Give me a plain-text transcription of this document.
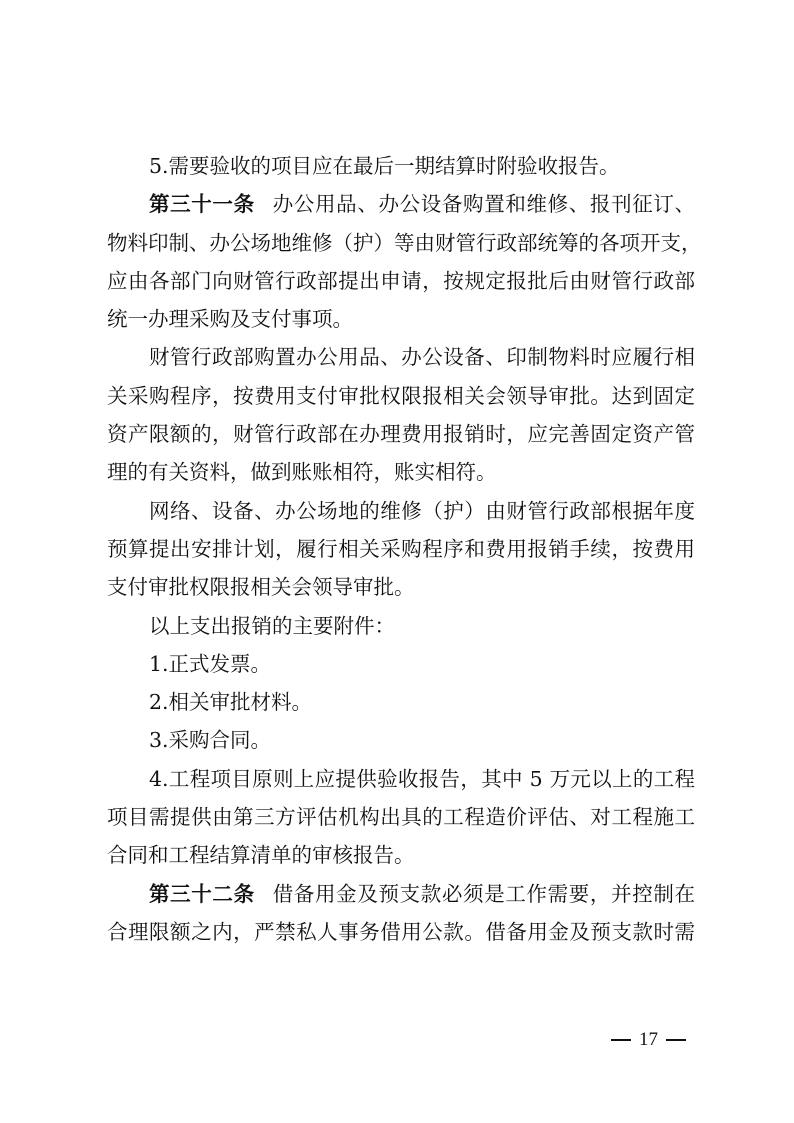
5.需要验收的项目应在最后一期结算时附验收报告。
第三十一条 办公用品、办公设备购置和维修、报刊征订、
物料印制、办公场地维修（护）等由财管行政部统筹的各项开支，
应由各部门向财管行政部提出申请，按规定报批后由财管行政部
统一办理采购及支付事项。
财管行政部购置办公用品、办公设备、印制物料时应履行相
关采购程序，按费用支付审批权限报相关会领导审批。达到固定
资产限额的，财管行政部在办理费用报销时，应完善固定资产管
理的有关资料，做到账账相符，账实相符。
网络、设备、办公场地的维修（护）由财管行政部根据年度
预算提出安排计划，履行相关采购程序和费用报销手续，按费用
支付审批权限报相关会领导审批。
以上支出报销的主要附件：
1.正式发票。
2.相关审批材料。
3.采购合同。
4.工程项目原则上应提供验收报告，其中 5 万元以上的工程
项目需提供由第三方评估机构出具的工程造价评估、对工程施工
合同和工程结算清单的审核报告。
第三十二条 借备用金及预支款必须是工作需要，并控制在
合理限额之内，严禁私人事务借用公款。借备用金及预支款时需
17
